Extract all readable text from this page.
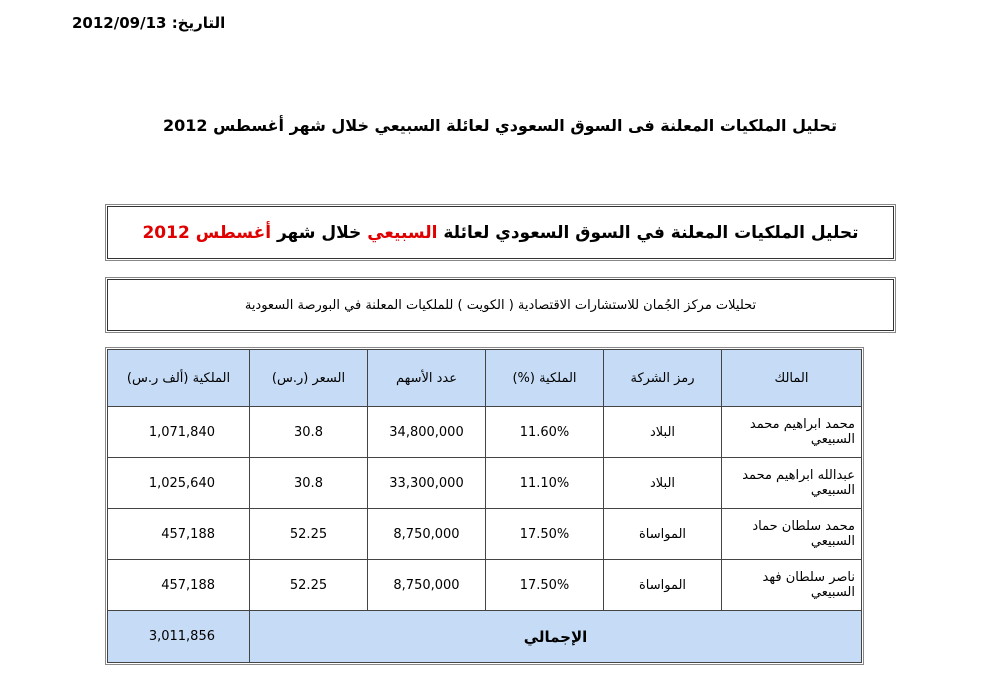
التاريخ: 2012/09/13
تحليل الملكيات المعلنة فى السوق السعودي لعائلة السبيعي خلال شهر أغسطس 2012
تحليل الملكيات المعلنة في السوق السعودي لعائلة السبيعي خلال شهر أغسطس 2012
تحليلات مركز الجُمان للاستشارات الاقتصادية ( الكويت ) للملكيات المعلنة في البورصة السعودية
المالك	رمز الشركة	الملكية (%)	عدد الأسهم	السعر (ر.س)	الملكية (ألف ر.س)
محمد ابراهيم محمد السبيعي	البلاد	11.60%	34,800,000	30.8	1,071,840
عبدالله ابراهيم محمد السبيعي	البلاد	11.10%	33,300,000	30.8	1,025,640
محمد سلطان حماد السبيعي	المواساة	17.50%	8,750,000	52.25	457,188
ناصر سلطان فهد السبيعي	المواساة	17.50%	8,750,000	52.25	457,188
الإجمالي					3,011,856
